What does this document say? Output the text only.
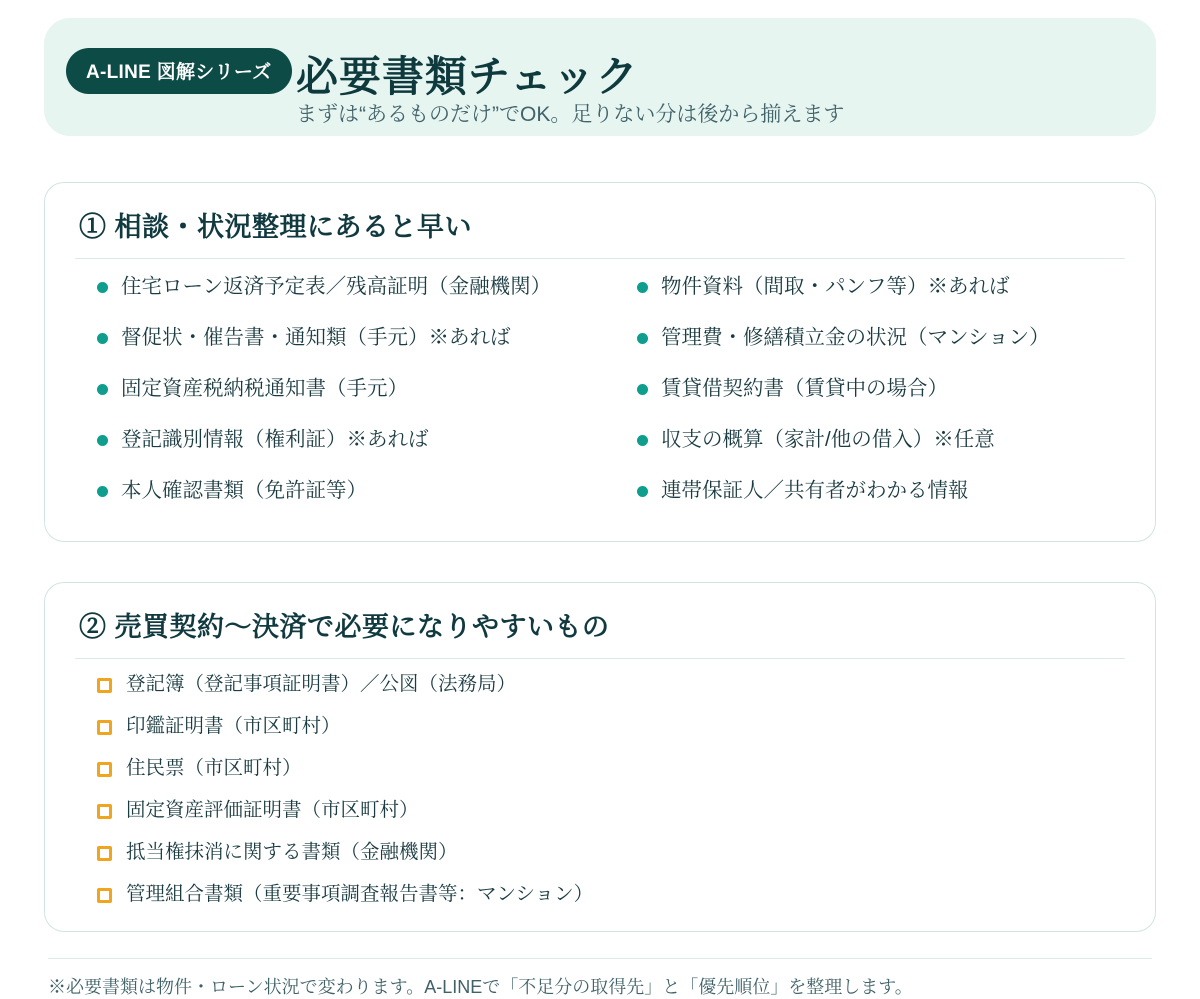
A-LINE 図解シリーズ 必要書類チェック
まずは“あるものだけ”でOK。足りない分は後から揃えます
① 相談・状況整理にあると早い
住宅ローン返済予定表／残高証明（金融機関）	物件資料（間取・パンフ等）※あれば
督促状・催告書・通知類（手元）※あれば	管理費・修繕積立金の状況（マンション）
固定資産税納税通知書（手元）	賃貸借契約書（賃貸中の場合）
登記識別情報（権利証）※あれば	収支の概算（家計/他の借入）※任意
本人確認書類（免許証等）	連帯保証人／共有者がわかる情報
② 売買契約〜決済で必要になりやすいもの
登記簿（登記事項証明書）／公図（法務局）
印鑑証明書（市区町村）
住民票（市区町村）
固定資産評価証明書（市区町村）
抵当権抹消に関する書類（金融機関）
管理組合書類（重要事項調査報告書等：マンション）
※必要書類は物件・ローン状況で変わります。A-LINEで「不足分の取得先」と「優先順位」を整理します。
